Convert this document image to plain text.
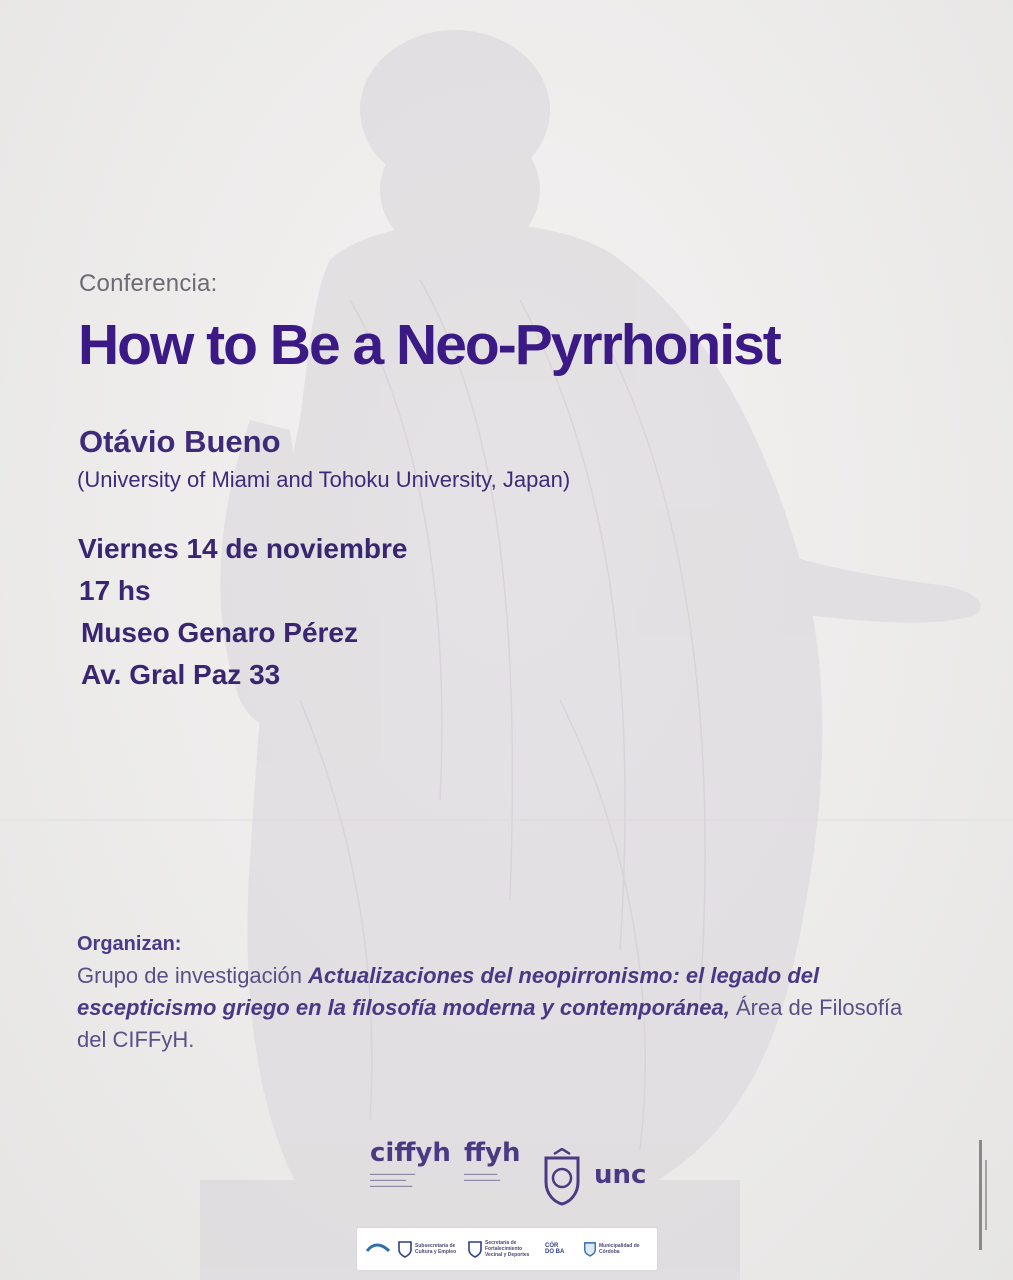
Conferencia:
How to Be a Neo-Pyrrhonist
Otávio Bueno
(University of Miami and Tohoku University, Japan)
Viernes 14 de noviembre
17 hs
Museo Genaro Pérez
Av. Gral Paz 33
Organizan:
Grupo de investigación Actualizaciones del neopirronismo: el legado del escepticismo griego en la filosofía moderna y contemporánea, Área de Filosofía del CIFFyH.
ciffyh
━━━━━━━━━━━━━━━
━━━━━━━━━━━━
━━━━━━━━━━━━━━
ffyh
━━━━━━━━━━━
━━━━━━━━━━━━	unc
Subsecretaría de Cultura y Empleo
Secretaría de Fortalecimiento Vecinal y Deportes
CÓR DO BA
Municipalidad de Córdoba
